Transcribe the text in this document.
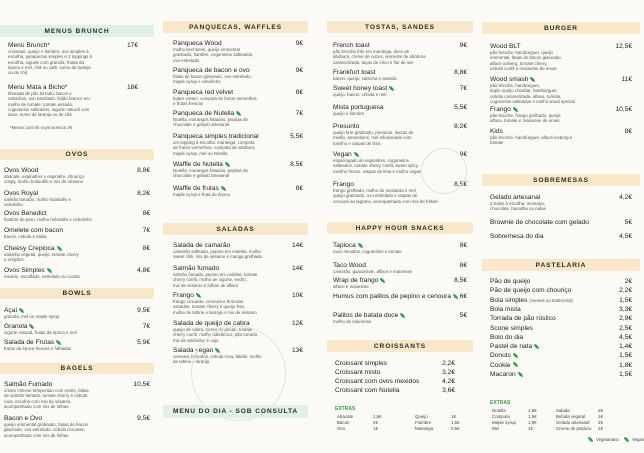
MENUS BRUNCH
Menu Brunch*	17€
croissant, queijo e fiambre, ovo simples à
escolha, panquecas simples e 2 toppings à
escolha, iogurte com granola, frutas da
época e mel, chá ou café, sumo de laranja
ou de chá
Menu Mata a Bicho*	18€
tiborada de pão torrado, bacon e
salsichas, ovo estrelado, feijão branco em
molho de tomate, tomate assado,
cogumelos salteados, iogurte natural com
doce, sumo de laranja ou de chá
*Menus com kit royal acresce 2€
OVOS
Ovos Wood	8,8€
abacate, espinafres e espinafre, chouriço
crispy, molho holandês e mix de sésamo
Ovos Royal	8,2€
salmão fumado, molho holandês e
cebolinho
Ovos Benedict	8€
fiambre de peru, molho holandês e cebolinho
Omelete com bacon	7€
bacon, cebola e salsa
Cheesy Crepioca	8€
salsicha vegetal, queijo, tomate cherry
e orégãos
Ovos Simples	4,8€
mexido, escalfado, estrelado ou cozido
BOWLS
Açaí	9,5€
granola, mel ou maple syrup
Granola	7€
iogurte natural, frutas da época e mel
Salada de Frutas	5,9€
frutas da época frescas e folhadas
BAGELS
Salmão Fumado	10,5€
cream cheese temperado com endro, fatias
de salmão fumado, tomate cherry e cebola
roxa, escolha com mix de sésamo,
acompanhado com mix de folhas
Bacon e Ovo	9,5€
queijo emmental gratinado, fatias de bacon
glaceado, ovo estrelado, cebola crocante,
acompanhado com mix de folhas
PANQUECAS, WAFFLES
Panqueca Wood	9€
molho bechamel, queijo emmental
gratinado, fiambre, cogumelos salteados,
ovo estrelado
Panqueca de bacon e ovo	9€
fatias de bacon glaceado, ovo estrelado,
maple syrup e cebolinho
Panqueca red velvet	8€
butter cream, compota de frutos vermelhos
e frutas frescas
Panqueca de Nutella	7€
Nutella, morangos fatiados, pepitas de
chocolate e gelado artesanal
Panqueca simples tradicional	5,5€
um topping à escolha: manteiga, compota
de frutos vermelhos, compota de abóbora,
maple syrup, mel ou Nutella
Waffle de Nutella	8,5€
Nutella, morangos fatiados, pepitas de
chocolate e gelado artesanal
Waffle de frutas	8€
maple syrup e fruta da época
SALADAS
Salada de camarão	14€
camarão salteado, pepino em rodelas, molho
sweet chili, mix de sésamo e manga grelhada
Salmão fumado	14€
salmão fumado, pepino em rodelas, tomate
cherry confit, molho de iogurte, endro,
mix de sésamo e folhas de alface
Frango	10€
frango crocante, cenoura e brócolos
assados, tomate cherry e queijo feta,
molho de tahine e laranja e mix de sésamo
Salada de queijo de cabra	12€
queijo de cabra, nozes de pecan, tomate
cherry confit, molho balsâmico, pão torrado
mix de amêndoa e caju
Salada vegan	13€
cenoura, brócolos, cebola roxa, falafel, molho
de tahine e laranja
MENU DO DIA - SOB CONSULTA
TOSTAS, SANDES
French toast	9€
pão brioche frito em manteiga, doce de
abóbora, creme de nozes, semente de abóbora
caramelizada, taças de côco e flor de sal
Frankfurt toast	8,8€
bacon, queijo, salsicha e ananás
Sweet honey toast	7€
queijo, bacon, cebola e mel
Mista portuguesa	5,5€
queijo e fiambre
Presunto	8,2€
queijo brie gratinado, presunto, lascas de
melão, amendoins, mel infusionado com
tomilho e raspas de lima
Vegan	9€
esparregado de espinafres, cogumelos
salteados, tomate cherry confit, sweet spicy,
tomilho fresco, raspas de lima e molho vegan
Frango	8,5€
frango grelhado, molho de mostarda e mel,
queijo gratinado, ovo estrelado e raspas de
cenoura ao lagrano, acompanhado com mix de folhas
HAPPY HOUR SNACKS
Tapioca	8€
ovos mexidos, cogumelos e tomate
Taco Wood	8€
camarão, guacamole, alface e maionese
Wrap de frango	8,5€
alface e maionese
Humus com palitos de pepino e cenoura	6€
Palitos de batata doce	5€
molho de maionese
CROISSANTS
Croissant simples	2,2€
Croissant misto	3,2€
Croissant com ovos mexidos	4,2€
Croissant com Nutella	3,6€
EXTRAS
Abacate	1,8€
Bacon	2€
Ovo	1€
Queijo	1€
Fiambre	1,5€
Manteiga	0,5€
BURGER
Wood BLT	12,5€
pão brioche, hambúrguer, queijo
emmental, fatias de bacon glaceado,
alface iceberg, tomate cherry,
cebola confit e maionese de ervas
Wood smash	11€
pão brioche, hambúrguer,
duplo queijo cheddar, hambúrguer,
cebola caramelizada, alface, tomate,
cogumelos salteados e molho wood special
Frango	10,5€
pão brioche, frango grelhado, queijo,
alface, tomate e maionese de ervas
Kids	8€
pão brioche, hambúrguer, alface iceberg e
tomate
SOBREMESAS
Gelado artesanal	4,2€
2 bolas à escolha: morango,
chocolate, baunilha ou natas
Brownie de chocolate com gelado	5€
Sobremesa do dia	4,5€
PASTELARIA
Pão de queijo	2€
Pão de queijo com chouriço	2,2€
Bola simples (cereais ou tradicional)	1,5€
Bola mista	3,3€
Torrada de pão rústico	2,9€
Scone simples	2,5€
Bolo do dia	4,5€
Pastel de nata	1,4€
Donuts	1,5€
Cookie	1,8€
Macaron	1,5€
EXTRAS
Nutella	1,8€
Compota	1,5€
Maple syrup	1,9€
Mel	1€
Salada	2€
Bebida vegetal	1€
Gelado artesanal 2€
Creme de pistácio 2€
Vegetariano	Vegan
